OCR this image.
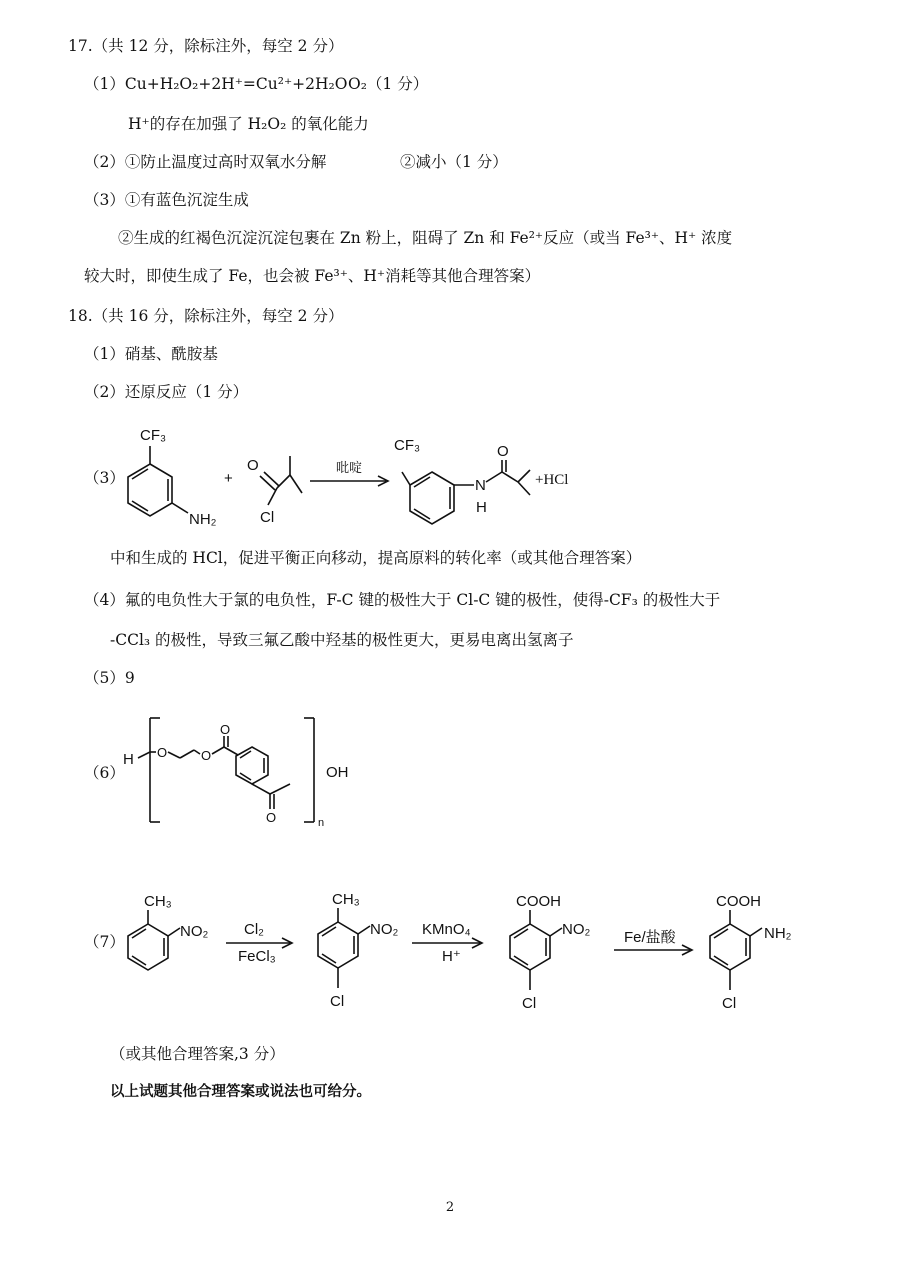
17.（共 12 分，除标注外，每空 2 分）
（1）Cu+H₂O₂+2H⁺=Cu²⁺+2H₂O O₂（1 分）
H⁺的存在加强了 H₂O₂ 的氧化能力
（2）①防止温度过高时双氧水分解	②减小（1 分）
（3）①有蓝色沉淀生成
②生成的红褐色沉淀沉淀包裹在 Zn 粉上，阻碍了 Zn 和 Fe²⁺反应（或当 Fe³⁺、H⁺ 浓度
较大时，即使生成了 Fe，也会被 Fe³⁺、H⁺消耗等其他合理答案）
18.（共 16 分，除标注外，每空 2 分）
（1）硝基、酰胺基
（2）还原反应（1 分）
（3）
CF₃
NH₂
+
O
Cl
吡啶
CF₃	O
N
H
+HCl
中和生成的 HCl，促进平衡正向移动，提高原料的转化率（或其他合理答案）
（4）氟的电负性大于氯的电负性，F-C 键的极性大于 Cl-C 键的极性，使得-CF₃ 的极性大于
-CCl₃ 的极性，导致三氟乙酸中羟基的极性更大，更易电离出氢离子
（5）9
（6）
H O	O
O
O	n
OH
（7）
CH₃
NO₂ Cl₂
FeCl₃
CH₃
NO₂
Cl
KMnO₄
H⁺
COOH
NO₂
Cl
Fe/盐酸
COOH
NH₂
Cl
（或其他合理答案,3 分）
以上试题其他合理答案或说法也可给分。
2
